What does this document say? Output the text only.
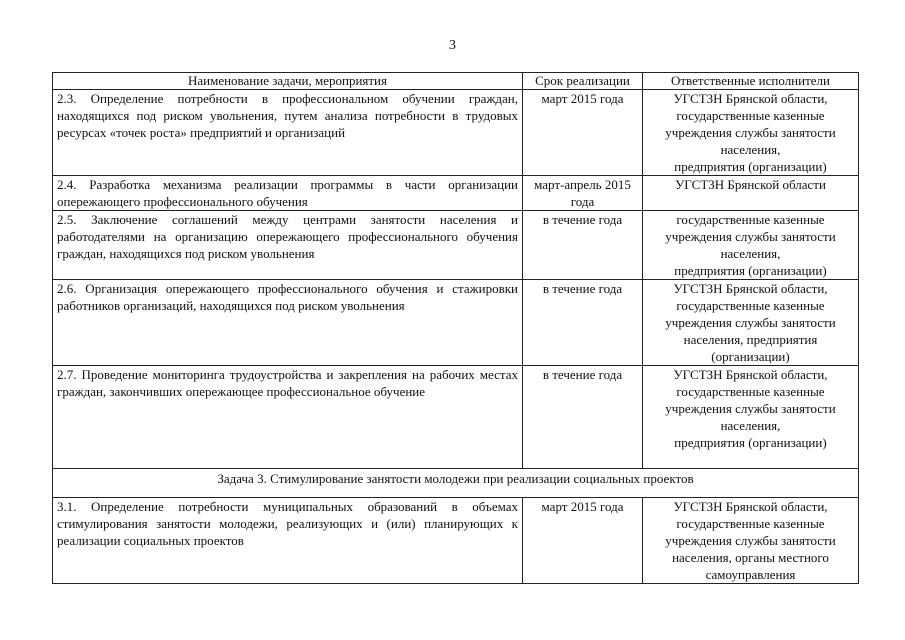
3
Наименование задачи, мероприятия	Срок реализации	Ответственные исполнители
2.3. Определение потребности в профессиональном обучении граждан, находящихся под риском увольнения, путем анализа потребности в трудовых ресурсах «точек роста» предприятий и организаций	март 2015 года	УГСТЗН Брянской области,
государственные казенные
учреждения службы занятости
населения,
предприятия (организации)

2.4. Разработка механизма реализации программы в части организации опережающего профессионального обучения	март-апрель 2015 года	УГСТЗН Брянской области

2.5. Заключение соглашений между центрами занятости населения и работодателями на организацию опережающего профессионального обучения граждан, находящихся под риском увольнения	в течение года	государственные казенные
учреждения службы занятости
населения,
предприятия (организации)

2.6. Организация опережающего профессионального обучения и стажировки работников организаций, находящихся под риском увольнения	в течение года	УГСТЗН Брянской области,
государственные казенные
учреждения службы занятости
населения, предприятия
(организации)

2.7. Проведение мониторинга трудоустройства и закрепления на рабочих местах граждан, закончивших опережающее профессиональное обучение	в течение года	УГСТЗН Брянской области,
государственные казенные
учреждения службы занятости
населения,
предприятия (организации)

Задача 3. Стимулирование занятости молодежи при реализации социальных проектов		

3.1. Определение потребности муниципальных образований в объемах стимулирования занятости молодежи, реализующих и (или) планирующих к реализации социальных проектов	март 2015 года	УГСТЗН Брянской области,
государственные казенные
учреждения службы занятости
населения, органы местного
самоуправления
